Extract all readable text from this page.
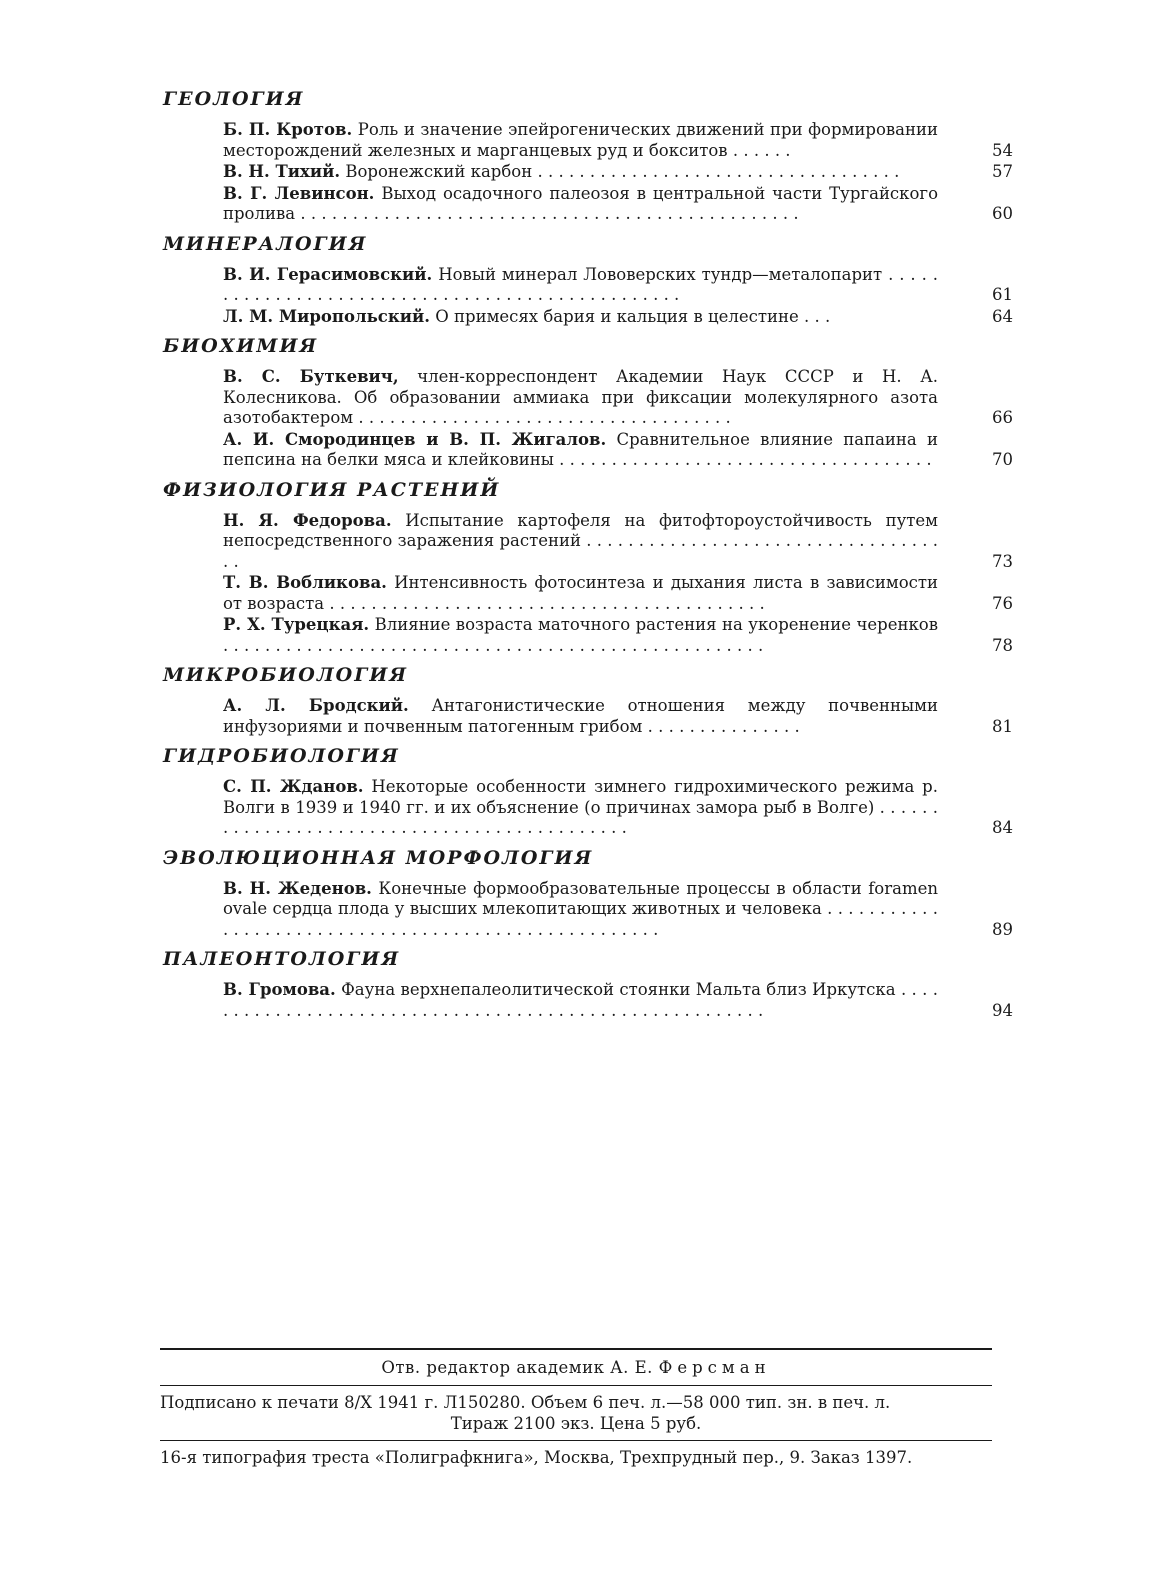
ГЕОЛОГИЯ
Б. П. Кротов. Роль и значение эпейрогенических движений при формировании месторождений железных и марганцевых руд и бокситов . . . . . .	54
В. Н. Тихий. Воронежский карбон . . . . . . . . . . . . . . . . . . . . . . . . . . . . . . . . . . .	57
В. Г. Левинсон. Выход осадочного палеозоя в центральной части Тургайского пролива . . . . . . . . . . . . . . . . . . . . . . . . . . . . . . . . . . . . . . . . . . . . . . . .	60
МИНЕРАЛОГИЯ
В. И. Герасимовский. Новый минерал Лововерских тундр—металопарит . . . . . . . . . . . . . . . . . . . . . . . . . . . . . . . . . . . . . . . . . . . . . . . . .	61
Л. М. Миропольский. О примесях бария и кальция в целестине . . .	64
БИОХИМИЯ
В. С. Буткевич, член-корреспондент Академии Наук СССР и Н. А. Колесникова. Об образовании аммиака при фиксации молекулярного азота азотобактером . . . . . . . . . . . . . . . . . . . . . . . . . . . . . . . . . . . .	66
А. И. Смородинцев и В. П. Жигалов. Сравнительное влияние папаина и пепсина на белки мяса и клейковины . . . . . . . . . . . . . . . . . . . . . . . . . . . . . . . . . . . .	70
ФИЗИОЛОГИЯ РАСТЕНИЙ
Н. Я. Федорова. Испытание картофеля на фитофтороустойчивость путем непосредственного заражения растений . . . . . . . . . . . . . . . . . . . . . . . . . . . . . . . . . . . .	73
Т. В. Вобликова. Интенсивность фотосинтеза и дыхания листа в зависимости от возраста . . . . . . . . . . . . . . . . . . . . . . . . . . . . . . . . . . . . . . . . . .	76
Р. Х. Турецкая. Влияние возраста маточного растения на укоренение черенков . . . . . . . . . . . . . . . . . . . . . . . . . . . . . . . . . . . . . . . . . . . . . . . . . . . .	78
МИКРОБИОЛОГИЯ
А. Л. Бродский. Антагонистические отношения между почвенными инфузориями и почвенным патогенным грибом . . . . . . . . . . . . . . .	81
ГИДРОБИОЛОГИЯ
С. П. Жданов. Некоторые особенности зимнего гидрохимического режима р. Волги в 1939 и 1940 гг. и их объяснение (о причинах замора рыб в Волге) . . . . . . . . . . . . . . . . . . . . . . . . . . . . . . . . . . . . . . . . . . . . .	84
ЭВОЛЮЦИОННАЯ МОРФОЛОГИЯ
В. Н. Жеденов. Конечные формообразовательные процессы в области foramen ovale сердца плода у высших млекопитающих животных и человека . . . . . . . . . . . . . . . . . . . . . . . . . . . . . . . . . . . . . . . . . . . . . . . . . . . . .	89
ПАЛЕОНТОЛОГИЯ
В. Громова. Фауна верхнепалеолитической стоянки Мальта близ Иркутска . . . . . . . . . . . . . . . . . . . . . . . . . . . . . . . . . . . . . . . . . . . . . . . . . . . . . . . .	94
Отв. редактор академик А. Е. Ферсман
Подписано к печати 8/X 1941 г. Л150280. Объем 6 печ. л.—58 000 тип. зн. в печ. л.
Тираж 2100 экз. Цена 5 руб.
16-я типография треста «Полиграфкнига», Москва, Трехпрудный пер., 9. Заказ 1397.
